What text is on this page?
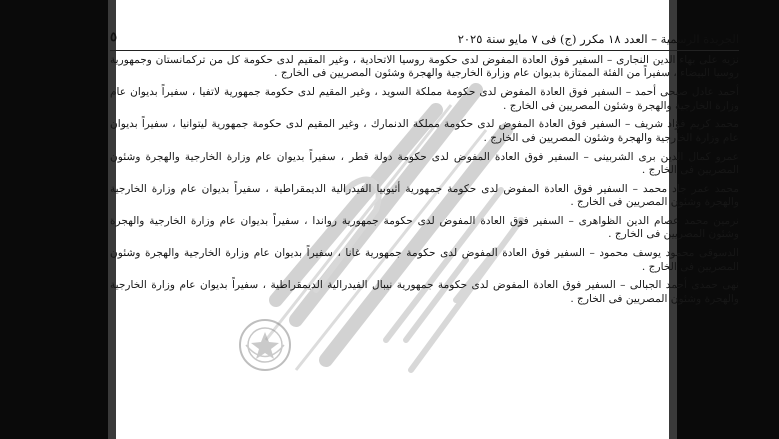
الجريدة الرسمية – العدد ١٨ مكرر (ج) فى ٧ مايو سنة ٢٠٢٥
٥

نزيه على بهاء الدين النجارى – السفير فوق العادة المفوض لدى حكومة روسيا الاتحادية ، وغير المقيم لدى حكومة كل من تركمانستان وجمهورية روسيا البيضاء ، سفيراً من الفئة الممتازة بديوان عام وزارة الخارجية والهجرة وشئون المصريين فى الخارج .

أحمد عادل صبحى أحمد – السفير فوق العادة المفوض لدى حكومة مملكة السويد ، وغير المقيم لدى حكومة جمهورية لاتفيا ، سفيراً بديوان عام وزارة الخارجية والهجرة وشئون المصريين فى الخارج .

محمد كريم فؤاد شريف – السفير فوق العادة المفوض لدى حكومة مملكة الدنمارك ، وغير المقيم لدى حكومة جمهورية ليتوانيا ، سفيراً بديوان عام وزارة الخارجية والهجرة وشئون المصريين فى الخارج .

عمرو كمال الدين برى الشربينى – السفير فوق العادة المفوض لدى حكومة دولة قطر ، سفيراً بديوان عام وزارة الخارجية والهجرة وشئون المصريين فى الخارج .

محمد عمر جاد محمد – السفير فوق العادة المفوض لدى حكومة جمهورية أثيوبيا الفيدرالية الديمقراطية ، سفيراً بديوان عام وزارة الخارجية والهجرة وشئون المصريين فى الخارج .

نرمين محمد عصام الدين الظواهرى – السفير فوق العادة المفوض لدى حكومة جمهورية رواندا ، سفيراً بديوان عام وزارة الخارجية والهجرة وشئون المصريين فى الخارج .

الدسوقى محمود يوسف محمود – السفير فوق العادة المفوض لدى حكومة جمهورية غانا ، سفيراً بديوان عام وزارة الخارجية والهجرة وشئون المصريين فى الخارج .

نهى حمدى أحمد الجبالى – السفير فوق العادة المفوض لدى حكومة جمهورية نيبال الفيدرالية الديمقراطية ، سفيراً بديوان عام وزارة الخارجية والهجرة وشئون المصريين فى الخارج .
